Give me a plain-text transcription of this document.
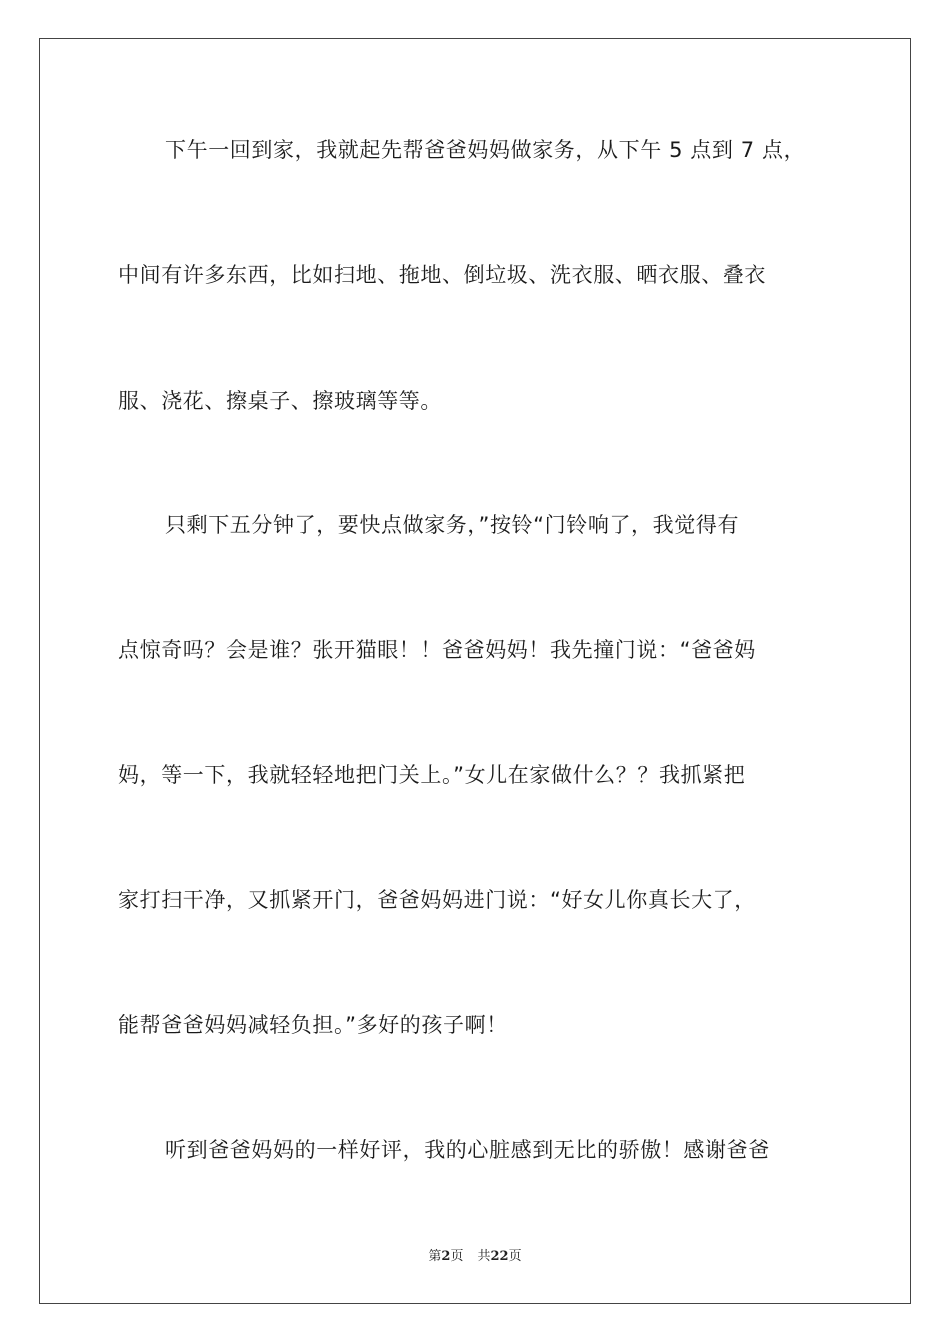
下午一回到家，我就起先帮爸爸妈妈做家务，从下午 5 点到 7 点，
中间有许多东西，比如扫地、拖地、倒垃圾、洗衣服、晒衣服、叠衣
服、浇花、擦桌子、擦玻璃等等。
只剩下五分钟了，要快点做家务，”按铃“门铃响了，我觉得有
点惊奇吗？会是谁？张开猫眼！！爸爸妈妈！我先撞门说：“爸爸妈
妈，等一下，我就轻轻地把门关上。”女儿在家做什么？？我抓紧把
家打扫干净，又抓紧开门，爸爸妈妈进门说：“好女儿你真长大了，
能帮爸爸妈妈减轻负担。”多好的孩子啊！
听到爸爸妈妈的一样好评，我的心脏感到无比的骄傲！感谢爸爸
第2页 共22页
